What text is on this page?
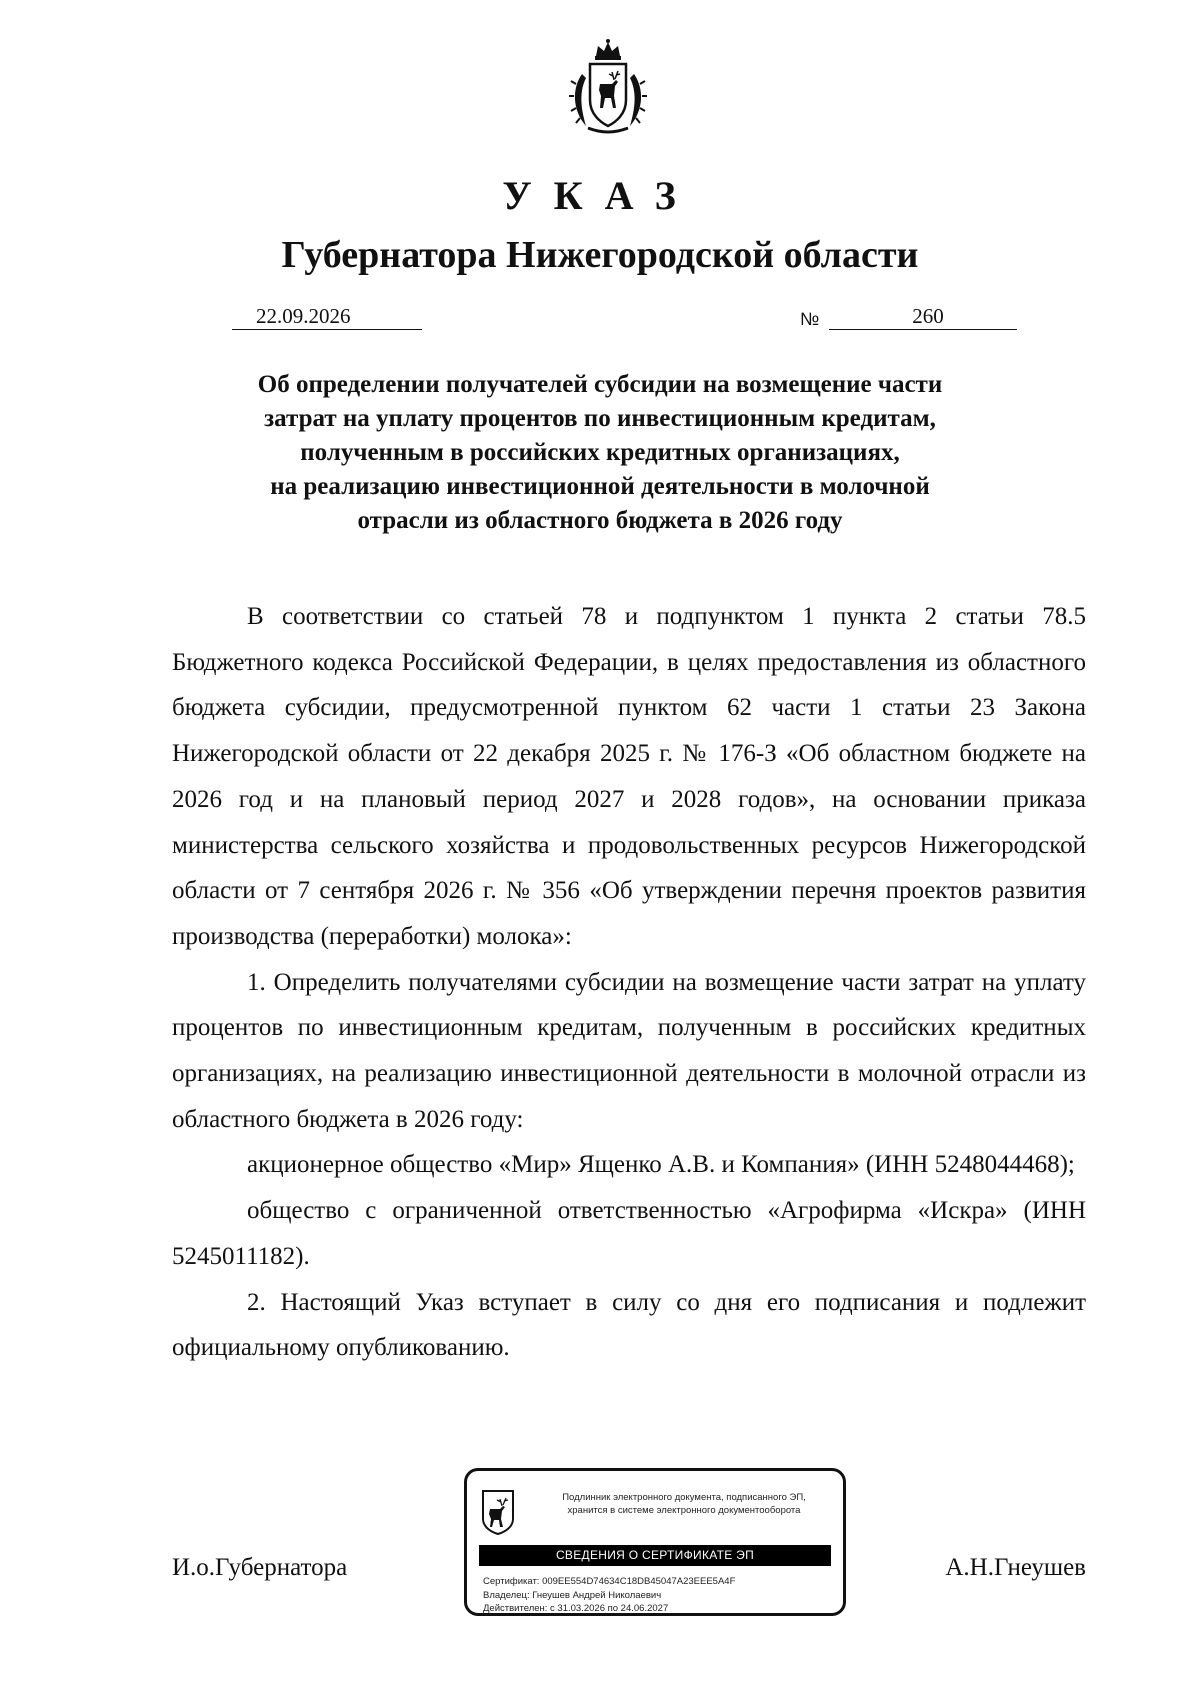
УКАЗ
Губернатора Нижегородской области
22.09.2026	№	260
Об определении получателей субсидии на возмещение части
затрат на уплату процентов по инвестиционным кредитам,
полученным в российских кредитных организациях,
на реализацию инвестиционной деятельности в молочной
отрасли из областного бюджета в 2026 году

В соответствии со статьей 78 и подпунктом 1 пункта 2 статьи 78.5 Бюджетного кодекса Российской Федерации, в целях предоставления из областного бюджета субсидии, предусмотренной пунктом 62 части 1 статьи 23 Закона Нижегородской области от 22 декабря 2025 г. № 176-З «Об областном бюджете на 2026 год и на плановый период 2027 и 2028 годов», на основании приказа министерства сельского хозяйства и продовольственных ресурсов Нижегородской области от 7 сентября 2026 г. № 356 «Об утверждении перечня проектов развития производства (переработки) молока»:

1. Определить получателями субсидии на возмещение части затрат на уплату процентов по инвестиционным кредитам, полученным в российских кредитных организациях, на реализацию инвестиционной деятельности в молочной отрасли из областного бюджета в 2026 году:

акционерное общество «Мир» Ященко А.В. и Компания» (ИНН 5248044468);

общество с ограниченной ответственностью «Агрофирма «Искра» (ИНН 5245011182).

2. Настоящий Указ вступает в силу со дня его подписания и подлежит официальному опубликованию.

И.о.Губернатора	А.Н.Гнеушев
Подлинник электронного документа, подписанного ЭП,
хранится в системе электронного документооборота
СВЕДЕНИЯ О СЕРТИФИКАТЕ ЭП
Сертификат: 009EE554D74634C18DB45047A23EEE5A4F
Владелец: Гнеушев Андрей Николаевич
Действителен: с 31.03.2026 по 24.06.2027
